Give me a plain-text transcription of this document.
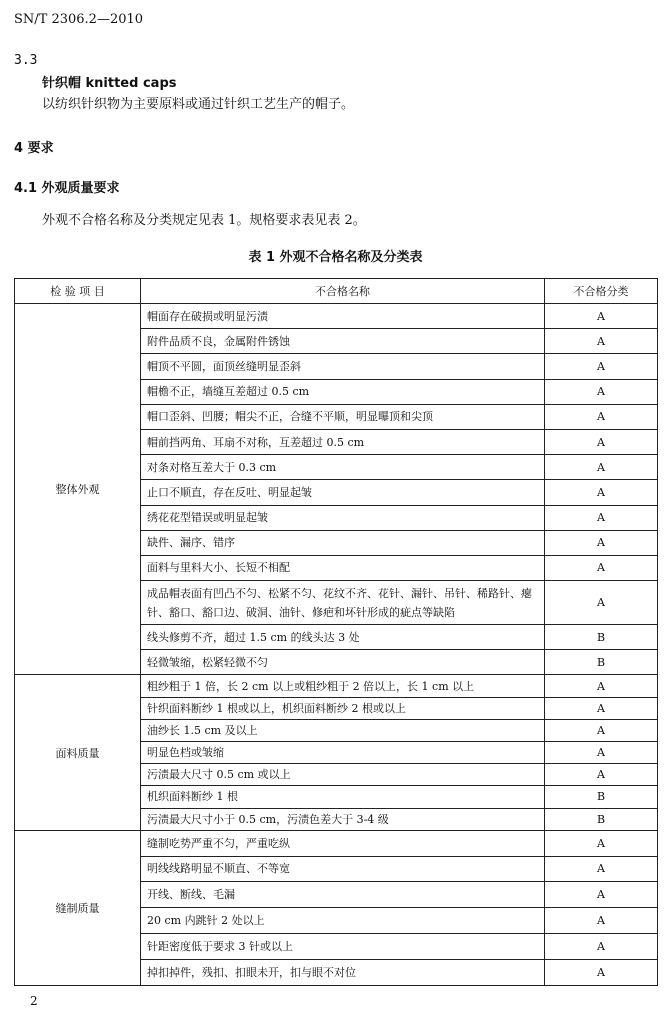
SN/T 2306.2—2010
3.3
针织帽 knitted caps
以纺织针织物为主要原料或通过针织工艺生产的帽子。
4 要求
4.1 外观质量要求
外观不合格名称及分类规定见表 1。规格要求表见表 2。
表 1 外观不合格名称及分类表
检 验 项 目	不合格名称	不合格分类
整体外观	帽面存在破损或明显污渍	A
	附件品质不良，金属附件锈蚀	A
	帽顶不平圆，面顶丝缝明显歪斜	A
	帽檐不正，墙缝互差超过 0.5 cm	A
	帽口歪斜、凹腰；帽尖不正，合缝不平顺，明显曝顶和尖顶	A
	帽前挡两角、耳扇不对称，互差超过 0.5 cm	A
	对条对格互差大于 0.3 cm	A
	止口不顺直，存在反吐、明显起皱	A
	绣花花型错误或明显起皱	A
	缺件、漏序、错序	A
	面料与里料大小、长短不相配	A
	成品帽表面有凹凸不匀、松紧不匀、花纹不齐、花针、漏针、吊针、稀路针、瘪针、豁口、豁口边、破洞、油针、修疤和坏针形成的疵点等缺陷	A
	线头修剪不齐，超过 1.5 cm 的线头达 3 处	B
	轻微皱缩，松紧轻微不匀	B
面料质量	粗纱粗于 1 倍，长 2 cm 以上或粗纱粗于 2 倍以上，长 1 cm 以上	A
	针织面料断纱 1 根或以上，机织面料断纱 2 根或以上	A
	油纱长 1.5 cm 及以上	A
	明显色档或皱缩	A
	污渍最大尺寸 0.5 cm 或以上	A
	机织面料断纱 1 根	B
	污渍最大尺寸小于 0.5 cm，污渍色差大于 3-4 级	B
缝制质量	缝制吃势严重不匀，严重吃纵	A
	明线线路明显不顺直、不等宽	A
	开线、断线、毛漏	A
	20 cm 内跳针 2 处以上	A
	针距密度低于要求 3 针或以上	A
	掉扣掉件，残扣、扣眼未开，扣与眼不对位	A
2
